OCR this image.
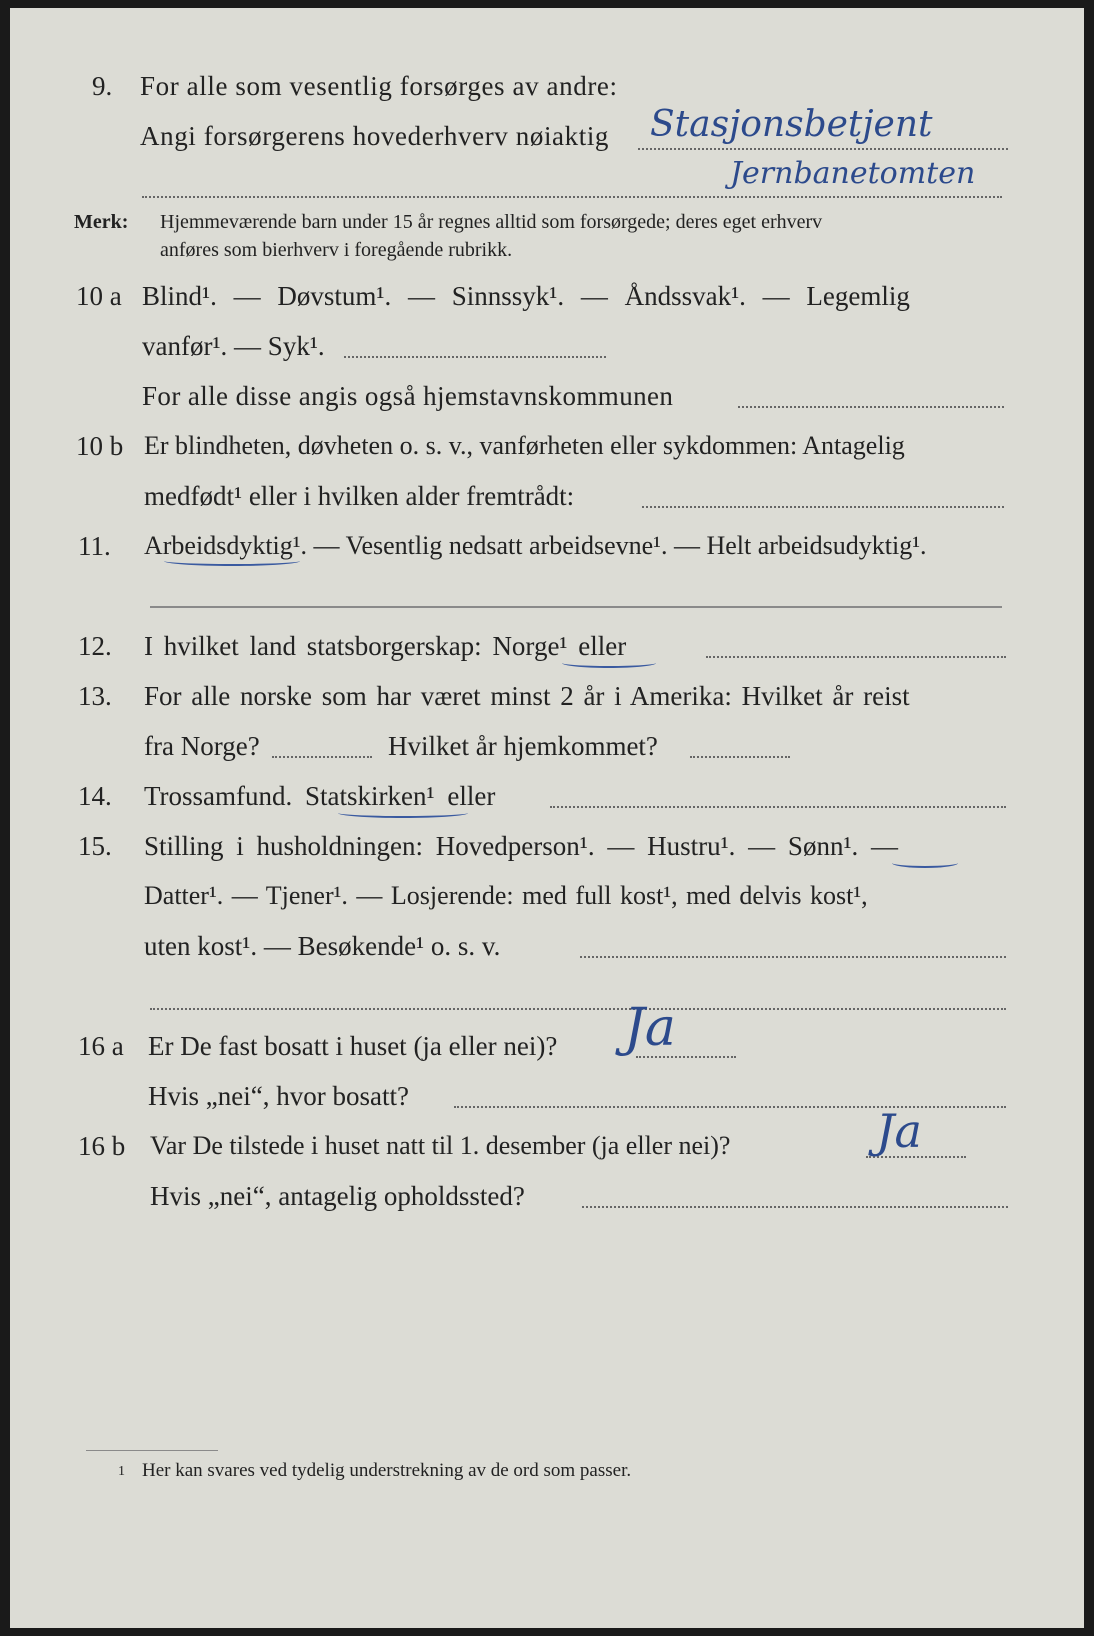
9. For alle som vesentlig forsørges av andre:
Angi forsørgerens hovederhverv nøiaktig Stasjonsbetjent
Jernbanetomten
Merk: Hjemmeværende barn under 15 år regnes alltid som forsørgede; deres eget erhverv
anføres som bierhverv i foregående rubrikk.
10 a Blind¹. — Døvstum¹. — Sinnssyk¹. — Åndssvak¹. — Legemlig
vanfør¹. — Syk¹.
For alle disse angis også hjemstavnskommunen
10 b Er blindheten, døvheten o. s. v., vanførheten eller sykdommen: Antagelig
medfødt¹ eller i hvilken alder fremtrådt:
11. Arbeidsdyktig¹. — Vesentlig nedsatt arbeidsevne¹. — Helt arbeidsudyktig¹.
12. I hvilket land statsborgerskap: Norge¹ eller
13. For alle norske som har været minst 2 år i Amerika: Hvilket år reist
fra Norge?	Hvilket år hjemkommet?
14. Trossamfund. Statskirken¹ eller
15. Stilling i husholdningen: Hovedperson¹. — Hustru¹. — Sønn¹. —
Datter¹. — Tjener¹. — Losjerende: med full kost¹, med delvis kost¹,
uten kost¹. — Besøkende¹ o. s. v.
16 a Er De fast bosatt i huset (ja eller nei)? Ja
Hvis „nei“, hvor bosatt?
16 b Var De tilstede i huset natt til 1. desember (ja eller nei)?	Ja
Hvis „nei“, antagelig opholdssted?
1 Her kan svares ved tydelig understrekning av de ord som passer.
